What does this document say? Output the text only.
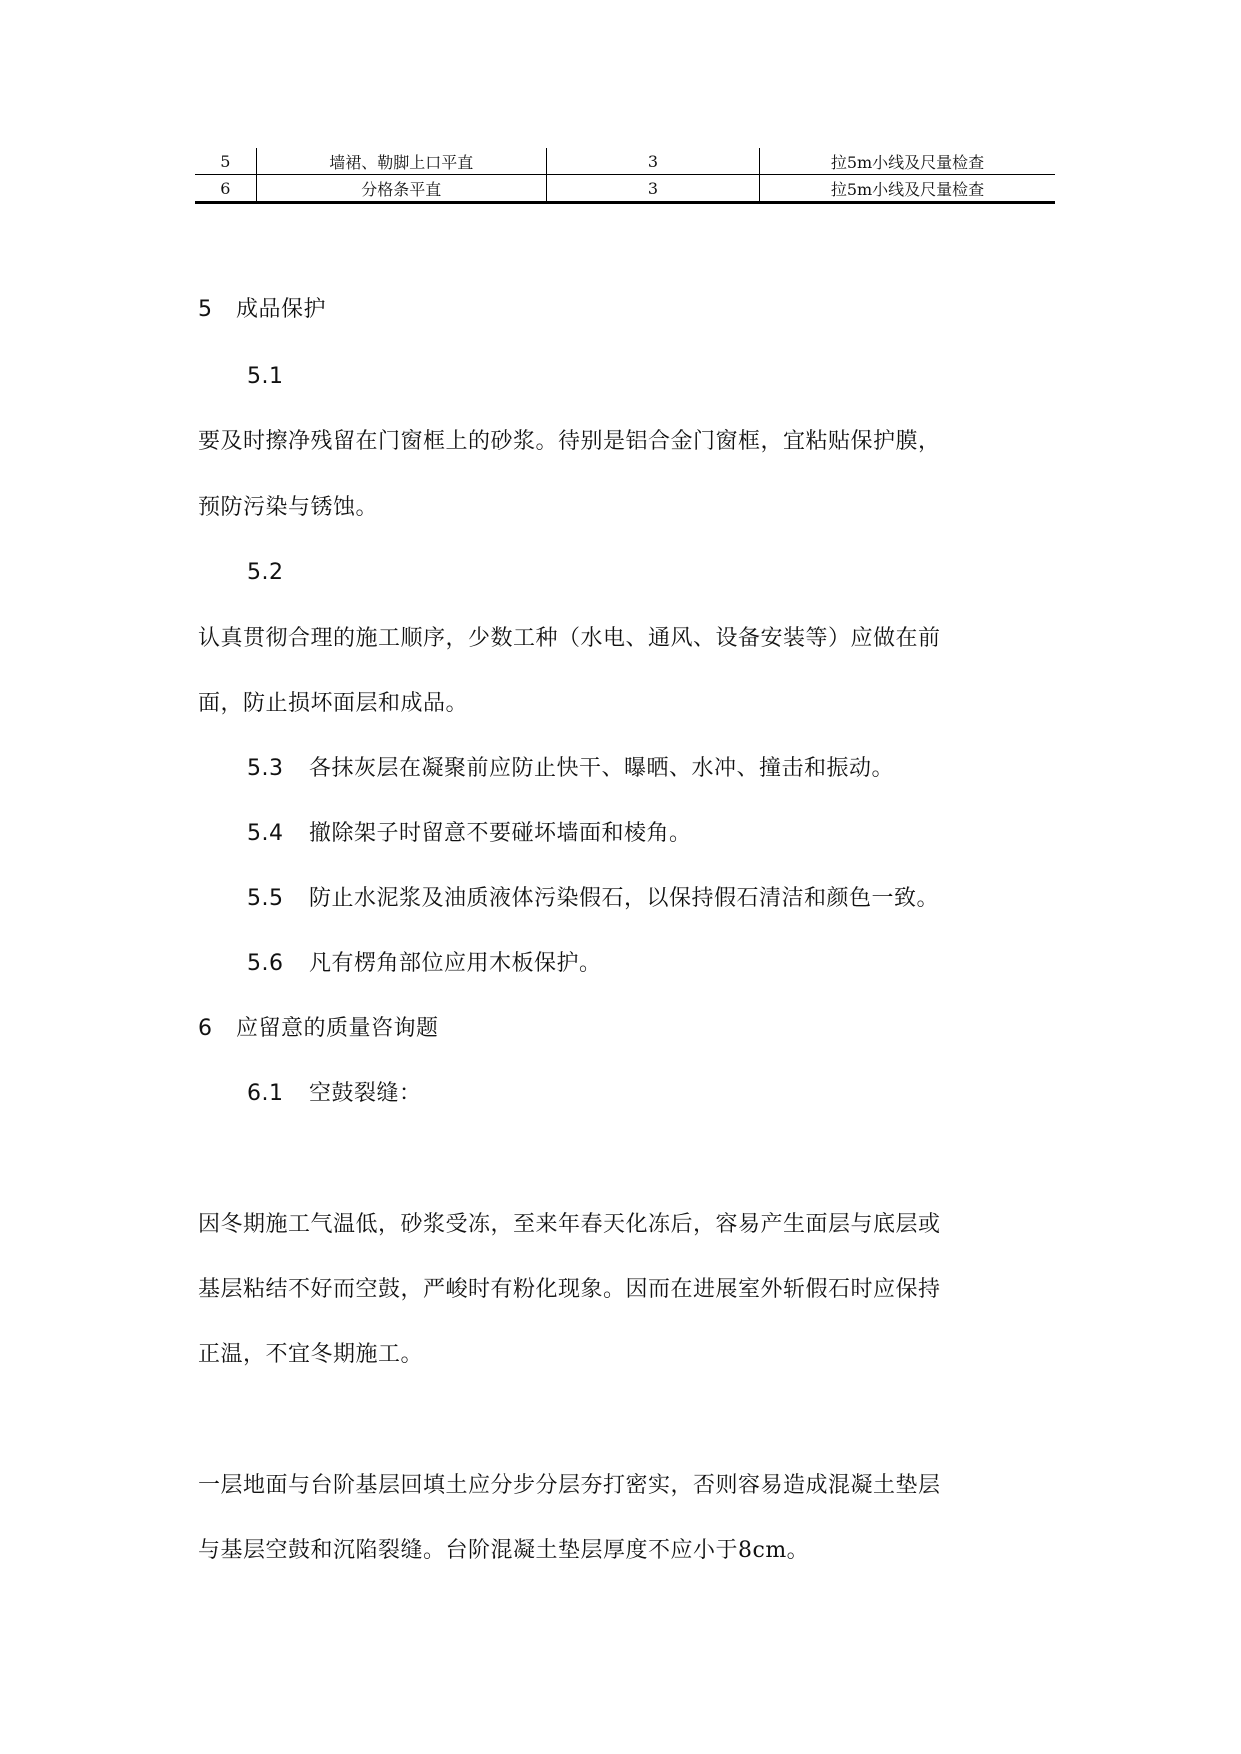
5	墙裙、勒脚上口平直	3	拉5m小线及尺量检查
6	分格条平直	3	拉5m小线及尺量检查
5 成品保护
5.1
要及时擦净残留在门窗框上的砂浆。待别是铝合金门窗框，宜粘贴保护膜，
预防污染与锈蚀。
5.2
认真贯彻合理的施工顺序，少数工种（水电、通风、设备安装等）应做在前
面，防止损坏面层和成品。
5.3 各抹灰层在凝聚前应防止快干、曝晒、水冲、撞击和振动。
5.4 撤除架子时留意不要碰坏墙面和棱角。
5.5 防止水泥浆及油质液体污染假石，以保持假石清洁和颜色一致。
5.6 凡有楞角部位应用木板保护。
6 应留意的质量咨询题
6.1 空鼓裂缝：
因冬期施工气温低，砂浆受冻，至来年春天化冻后，容易产生面层与底层或
基层粘结不好而空鼓，严峻时有粉化现象。因而在进展室外斩假石时应保持
正温，不宜冬期施工。
一层地面与台阶基层回填土应分步分层夯打密实，否则容易造成混凝土垫层
与基层空鼓和沉陷裂缝。台阶混凝土垫层厚度不应小于8cm。
